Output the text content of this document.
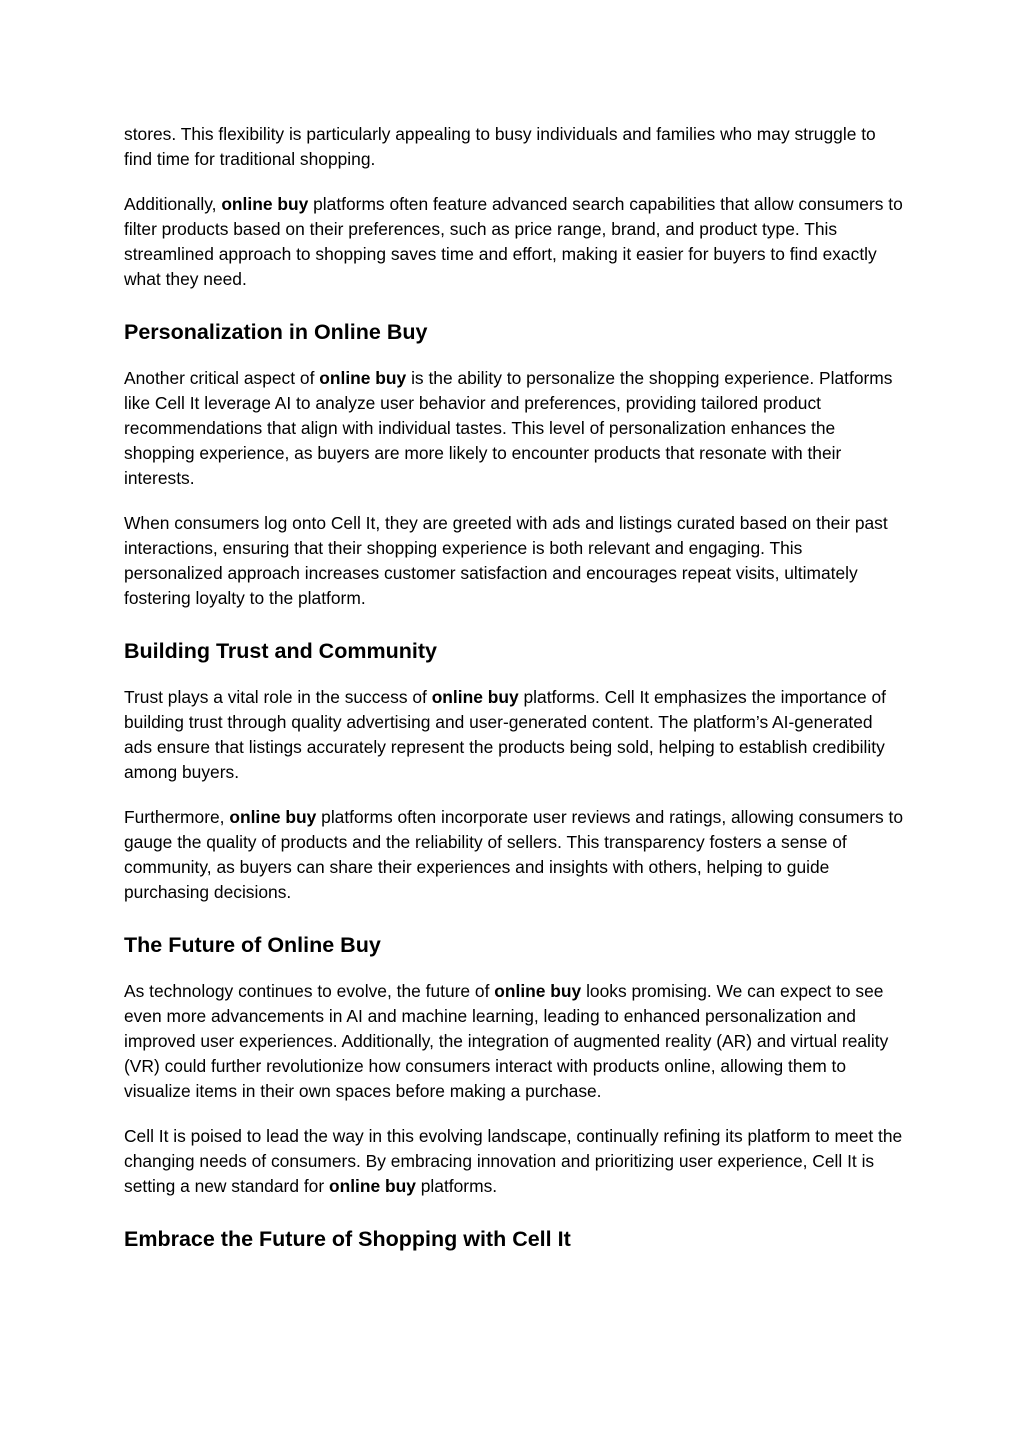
stores. This flexibility is particularly appealing to busy individuals and families who may struggle to find time for traditional shopping.

Additionally, online buy platforms often feature advanced search capabilities that allow consumers to filter products based on their preferences, such as price range, brand, and product type. This streamlined approach to shopping saves time and effort, making it easier for buyers to find exactly what they need.

Personalization in Online Buy

Another critical aspect of online buy is the ability to personalize the shopping experience. Platforms like Cell It leverage AI to analyze user behavior and preferences, providing tailored product recommendations that align with individual tastes. This level of personalization enhances the shopping experience, as buyers are more likely to encounter products that resonate with their interests.

When consumers log onto Cell It, they are greeted with ads and listings curated based on their past interactions, ensuring that their shopping experience is both relevant and engaging. This personalized approach increases customer satisfaction and encourages repeat visits, ultimately fostering loyalty to the platform.

Building Trust and Community

Trust plays a vital role in the success of online buy platforms. Cell It emphasizes the importance of building trust through quality advertising and user-generated content. The platform’s AI-generated ads ensure that listings accurately represent the products being sold, helping to establish credibility among buyers.

Furthermore, online buy platforms often incorporate user reviews and ratings, allowing consumers to gauge the quality of products and the reliability of sellers. This transparency fosters a sense of community, as buyers can share their experiences and insights with others, helping to guide purchasing decisions.

The Future of Online Buy

As technology continues to evolve, the future of online buy looks promising. We can expect to see even more advancements in AI and machine learning, leading to enhanced personalization and improved user experiences. Additionally, the integration of augmented reality (AR) and virtual reality (VR) could further revolutionize how consumers interact with products online, allowing them to visualize items in their own spaces before making a purchase.

Cell It is poised to lead the way in this evolving landscape, continually refining its platform to meet the changing needs of consumers. By embracing innovation and prioritizing user experience, Cell It is setting a new standard for online buy platforms.

Embrace the Future of Shopping with Cell It
